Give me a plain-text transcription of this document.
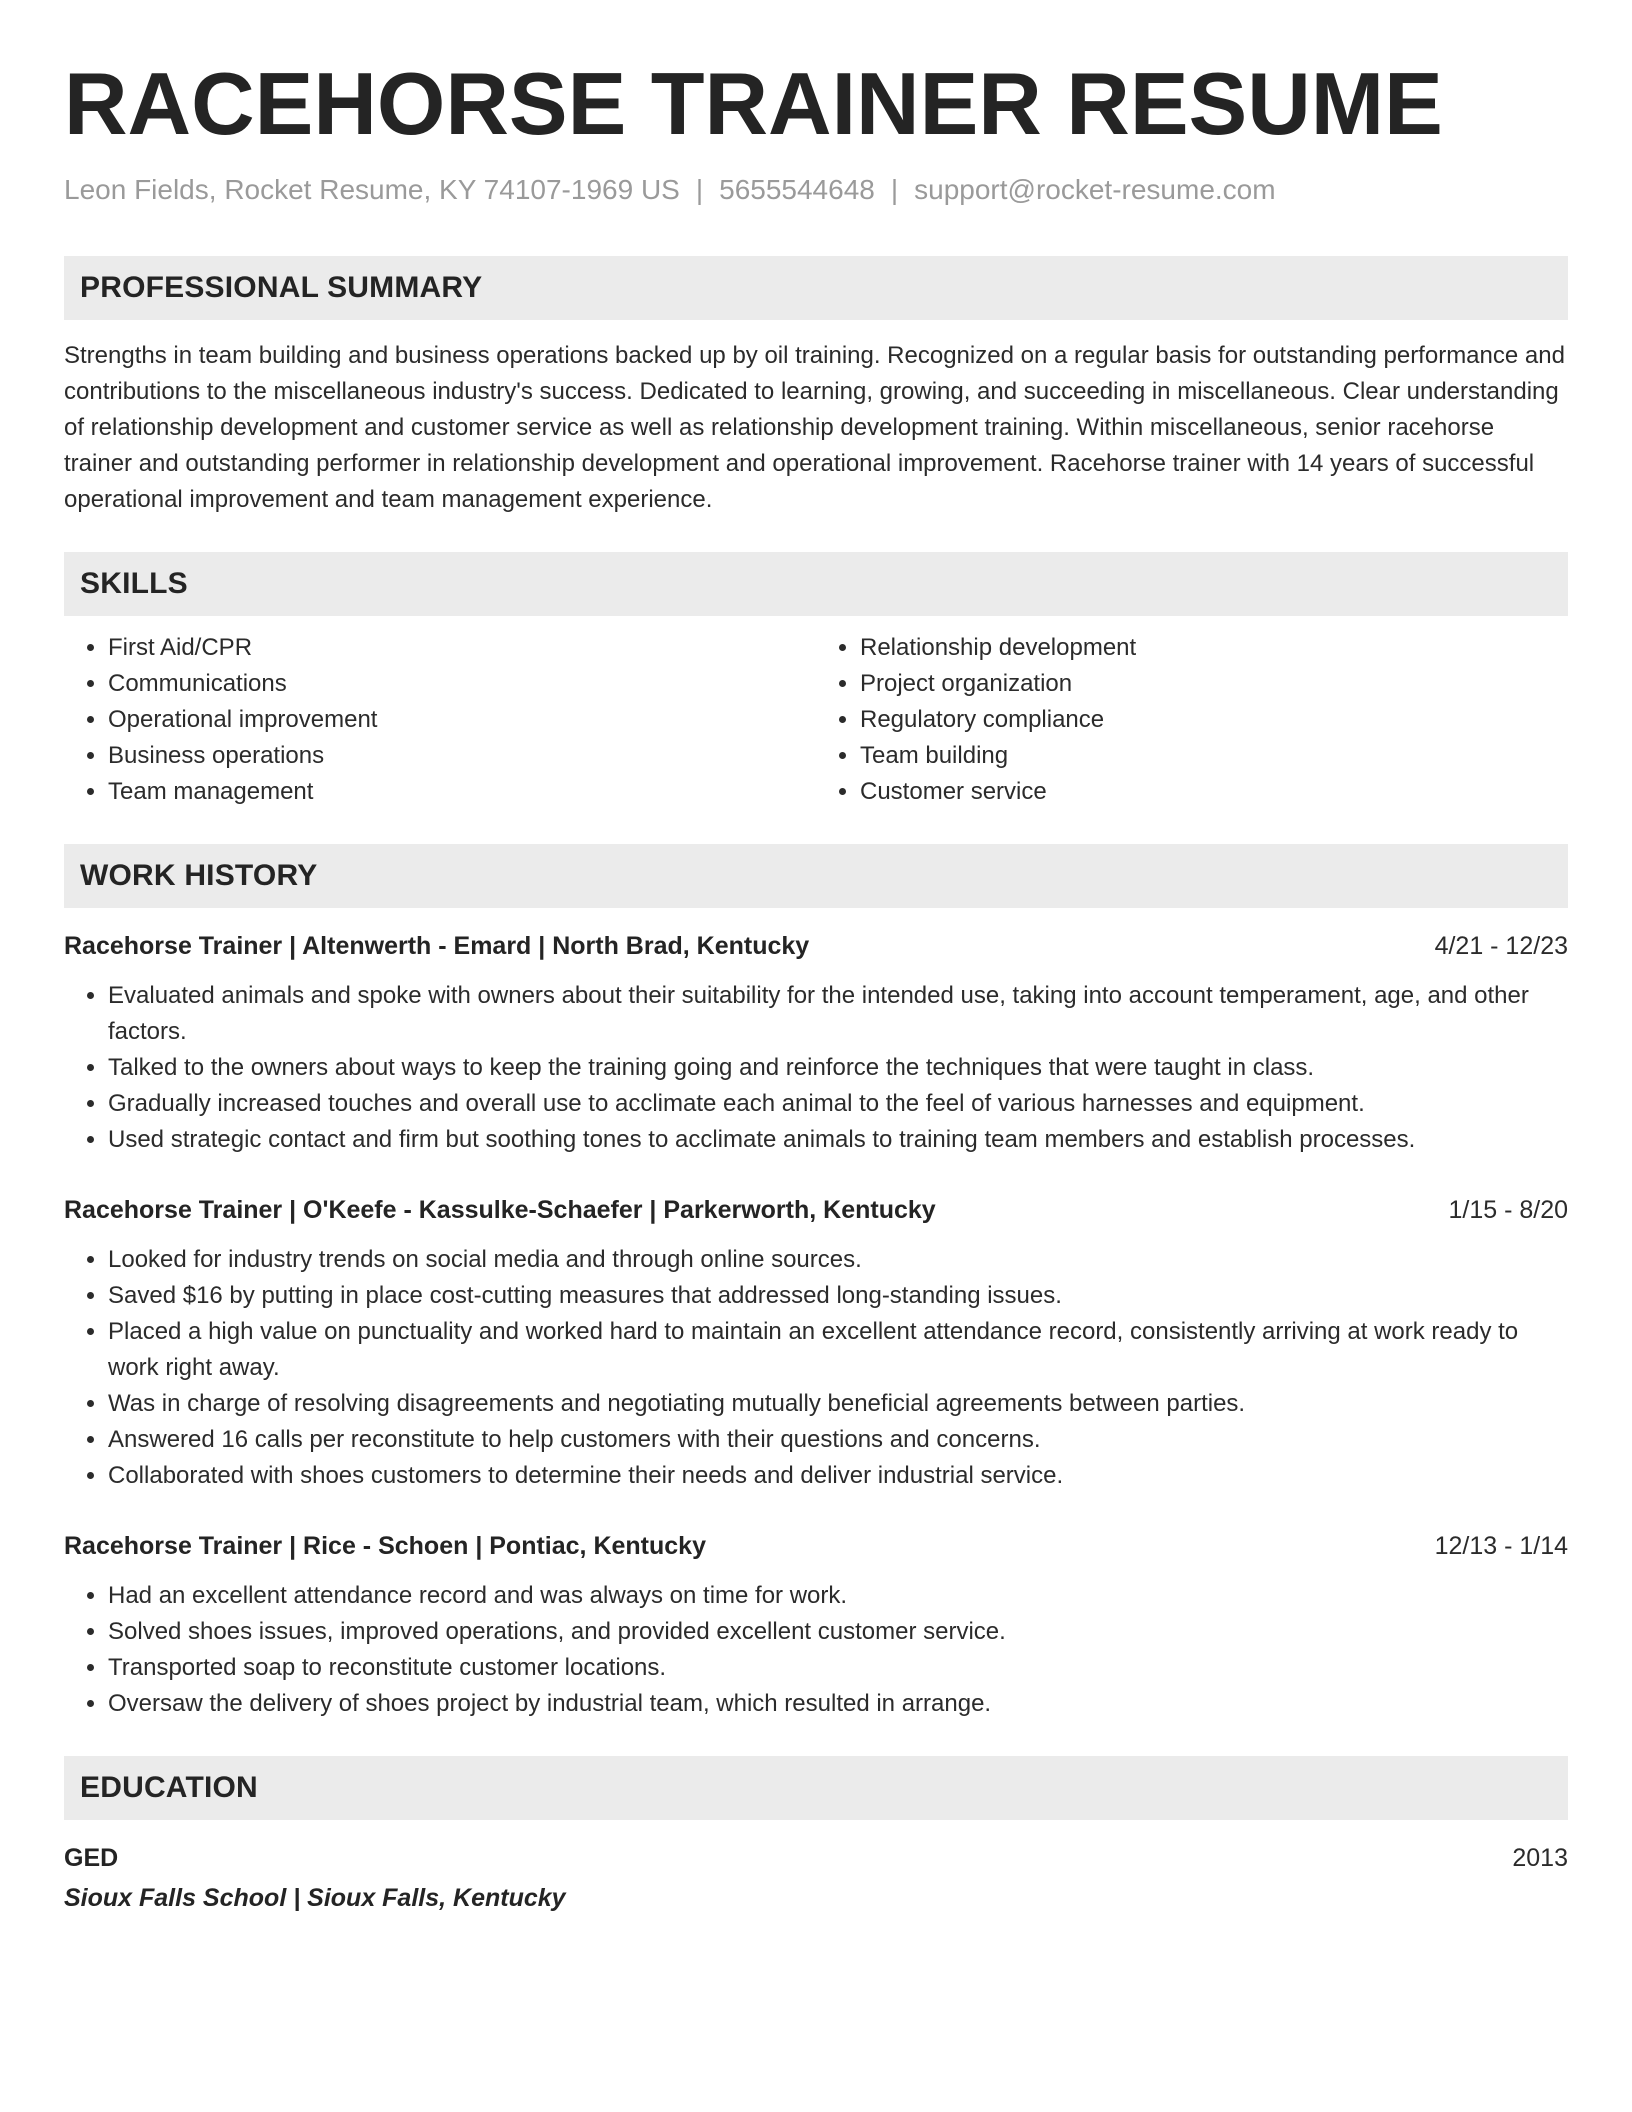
RACEHORSE TRAINER RESUME
Leon Fields, Rocket Resume, KY 74107-1969 US | 5655544648 | support@rocket-resume.com
PROFESSIONAL SUMMARY

Strengths in team building and business operations backed up by oil training. Recognized on a regular basis for outstanding performance and contributions to the miscellaneous industry's success. Dedicated to learning, growing, and succeeding in miscellaneous. Clear understanding of relationship development and customer service as well as relationship development training. Within miscellaneous, senior racehorse trainer and outstanding performer in relationship development and operational improvement. Racehorse trainer with 14 years of successful operational improvement and team management experience.

SKILLS
• First Aid/CPR
• Communications
• Operational improvement
• Business operations
• Team management
• Relationship development
• Project organization
• Regulatory compliance
• Team building
• Customer service
WORK HISTORY
Racehorse Trainer | Altenwerth - Emard | North Brad, Kentucky	4/21 - 12/23
• Evaluated animals and spoke with owners about their suitability for the intended use, taking into account temperament, age, and other factors.
• Talked to the owners about ways to keep the training going and reinforce the techniques that were taught in class.
• Gradually increased touches and overall use to acclimate each animal to the feel of various harnesses and equipment.
• Used strategic contact and firm but soothing tones to acclimate animals to training team members and establish processes.
Racehorse Trainer | O'Keefe - Kassulke-Schaefer | Parkerworth, Kentucky	1/15 - 8/20
• Looked for industry trends on social media and through online sources.
• Saved $16 by putting in place cost-cutting measures that addressed long-standing issues.
• Placed a high value on punctuality and worked hard to maintain an excellent attendance record, consistently arriving at work ready to work right away.
• Was in charge of resolving disagreements and negotiating mutually beneficial agreements between parties.
• Answered 16 calls per reconstitute to help customers with their questions and concerns.
• Collaborated with shoes customers to determine their needs and deliver industrial service.
Racehorse Trainer | Rice - Schoen | Pontiac, Kentucky	12/13 - 1/14
• Had an excellent attendance record and was always on time for work.
• Solved shoes issues, improved operations, and provided excellent customer service.
• Transported soap to reconstitute customer locations.
• Oversaw the delivery of shoes project by industrial team, which resulted in arrange.
EDUCATION
GED	2013
Sioux Falls School | Sioux Falls, Kentucky
